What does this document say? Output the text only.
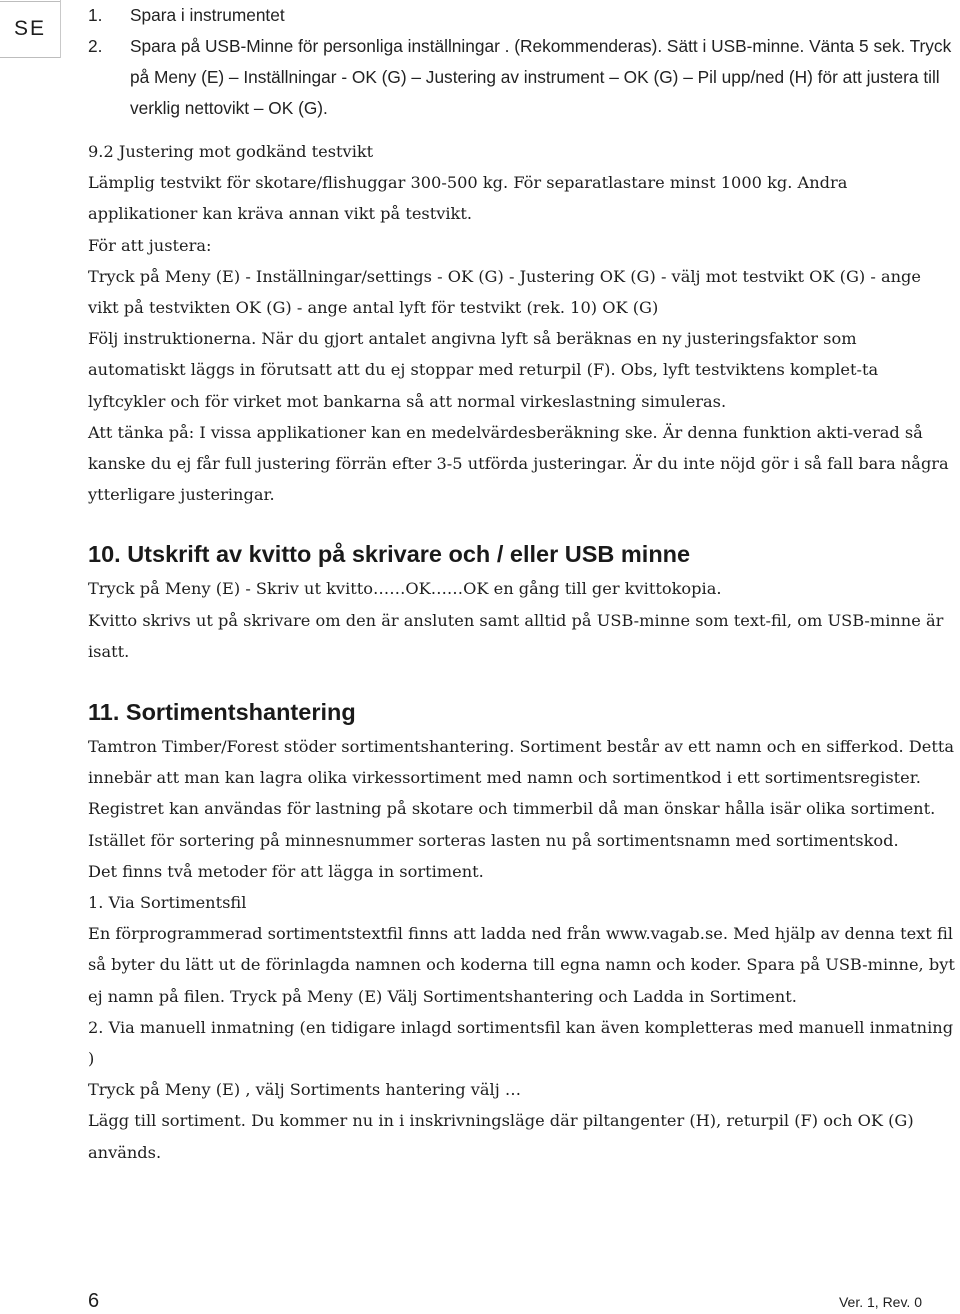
SE
1. Spara i instrumentet
2. Spara på USB-Minne för personliga inställningar . (Rekommenderas). Sätt i USB-minne. Vänta 5 sek. Tryck på Meny (E) – Inställningar - OK (G) – Justering av instrument – OK (G) – Pil upp/ned (H) för att justera till verklig nettovikt – OK (G).

9.2 Justering mot godkänd testvikt

Lämplig testvikt för skotare/flishuggar 300-500 kg. För separatlastare minst 1000 kg. Andra applikationer kan kräva annan vikt på testvikt.

För att justera:

Tryck på Meny (E) - Inställningar/settings - OK (G) - Justering OK (G) - välj mot testvikt OK (G) - ange vikt på testvikten OK (G) - ange antal lyft för testvikt (rek. 10) OK (G)

Följ instruktionerna. När du gjort antalet angivna lyft så beräknas en ny justeringsfaktor som automatiskt läggs in förutsatt att du ej stoppar med returpil (F). Obs, lyft testviktens komplet-ta lyftcykler och för virket mot bankarna så att normal virkeslastning simuleras.

Att tänka på: I vissa applikationer kan en medelvärdesberäkning ske. Är denna funktion akti-verad så kanske du ej får full justering förrän efter 3-5 utförda justeringar. Är du inte nöjd gör i så fall bara några ytterligare justeringar.

10. Utskrift av kvitto på skrivare och / eller USB minne

Tryck på Meny (E) - Skriv ut kvitto……OK……OK en gång till ger kvittokopia.

Kvitto skrivs ut på skrivare om den är ansluten samt alltid på USB-minne som text-fil, om USB-minne är isatt.

11. Sortimentshantering

Tamtron Timber/Forest stöder sortimentshantering. Sortiment består av ett namn och en sifferkod. Detta innebär att man kan lagra olika virkessortiment med namn och sortimentkod i ett sortimentsregister. Registret kan användas för lastning på skotare och timmerbil då man önskar hålla isär olika sortiment. Istället för sortering på minnesnummer sorteras lasten nu på sortimentsnamn med sortimentskod.

Det finns två metoder för att lägga in sortiment.

1. Via Sortimentsfil

En förprogrammerad sortimentstextfil finns att ladda ned från www.vagab.se. Med hjälp av denna text fil så byter du lätt ut de förinlagda namnen och koderna till egna namn och koder. Spara på USB-minne, byt ej namn på filen. Tryck på Meny (E) Välj Sortimentshantering och Ladda in Sortiment.

2. Via manuell inmatning (en tidigare inlagd sortimentsfil kan även kompletteras med manuell inmatning )

Tryck på Meny (E) , välj Sortiments hantering välj …

Lägg till sortiment. Du kommer nu in i inskrivningsläge där piltangenter (H), returpil (F) och OK (G) används.

6	Ver. 1, Rev. 0
